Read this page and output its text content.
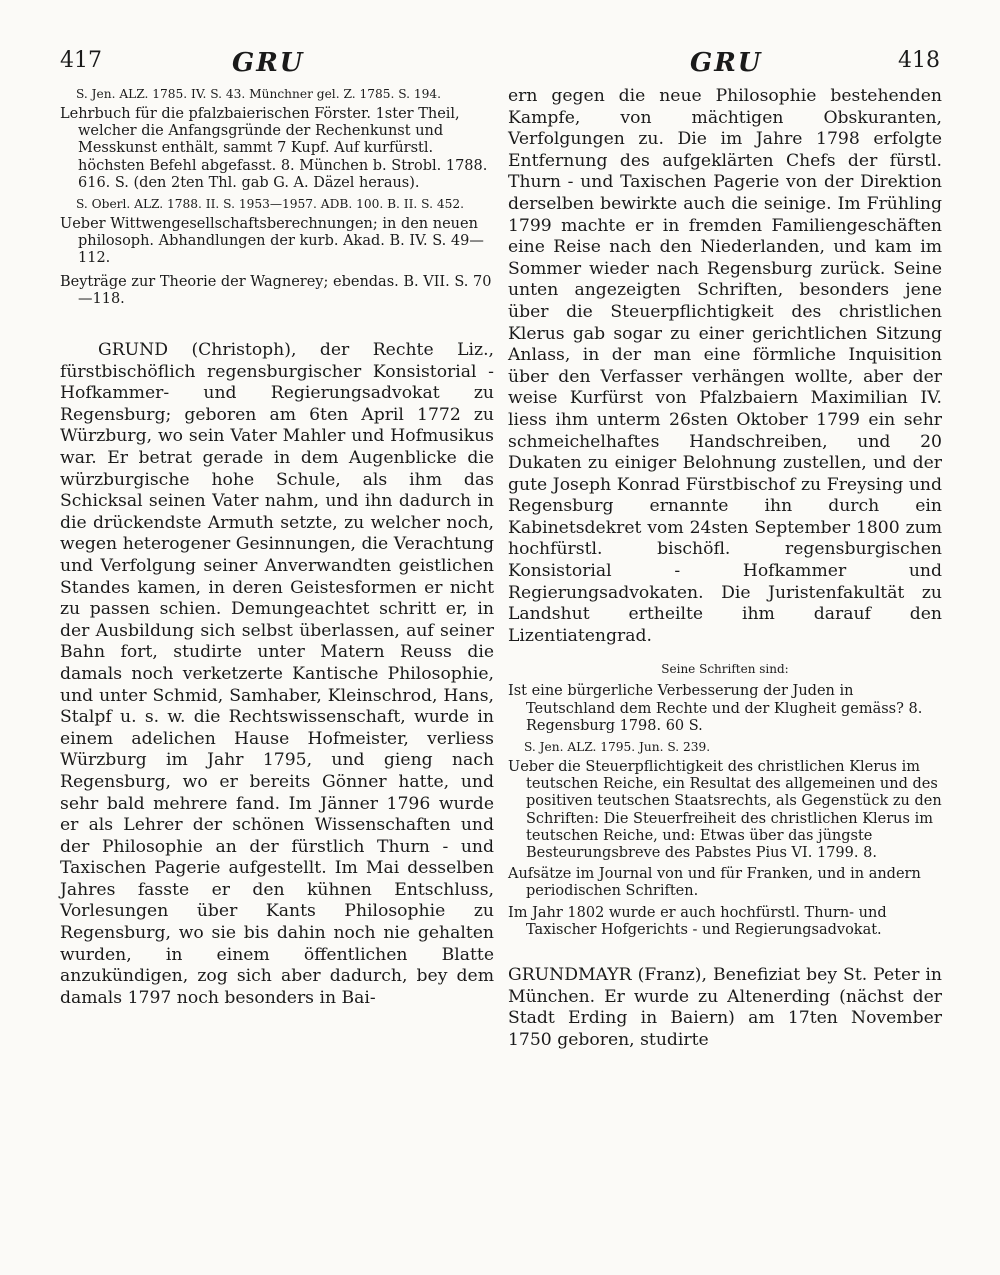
417	GRU	GRU	418

S. Jen. ALZ. 1785. IV. S. 43. Münchner gel. Z. 1785. S. 194.

Lehrbuch für die pfalzbaierischen Förster. 1ster Theil, welcher die Anfangsgründe der Rechenkunst und Messkunst enthält, sammt 7 Kupf. Auf kurfürstl. höchsten Befehl abgefasst. 8. München b. Strobl. 1788. 616. S. (den 2ten Thl. gab G. A. Däzel heraus).

S. Oberl. ALZ. 1788. II. S. 1953—1957. ADB. 100. B. II. S. 452.

Ueber Wittwengesellschaftsberechnungen; in den neuen philosoph. Abhandlungen der kurb. Akad. B. IV. S. 49—112.

Beyträge zur Theorie der Wagnerey; ebendas. B. VII. S. 70—118.

GRUND (Christoph), der Rechte Liz., fürstbischöflich regensburgischer Konsistorial - Hofkammer- und Regierungsadvokat zu Regensburg; geboren am 6ten April 1772 zu Würzburg, wo sein Vater Mahler und Hofmusikus war. Er betrat gerade in dem Augenblicke die würzburgische hohe Schule, als ihm das Schicksal seinen Vater nahm, und ihn dadurch in die drückendste Armuth setzte, zu welcher noch, wegen heterogener Gesinnungen, die Verachtung und Verfolgung seiner Anverwandten geistlichen Standes kamen, in deren Geistesformen er nicht zu passen schien. Demungeachtet schritt er, in der Ausbildung sich selbst überlassen, auf seiner Bahn fort, studirte unter Matern Reuss die damals noch verketzerte Kantische Philosophie, und unter Schmid, Samhaber, Kleinschrod, Hans, Stalpf u. s. w. die Rechtswissenschaft, wurde in einem adelichen Hause Hofmeister, verliess Würzburg im Jahr 1795, und gieng nach Regensburg, wo er bereits Gönner hatte, und sehr bald mehrere fand. Im Jänner 1796 wurde er als Lehrer der schönen Wissenschaften und der Philosophie an der fürstlich Thurn - und Taxischen Pagerie aufgestellt. Im Mai desselben Jahres fasste er den kühnen Entschluss, Vorlesungen über Kants Philosophie zu Regensburg, wo sie bis dahin noch nie gehalten wurden, in einem öffentlichen Blatte anzukündigen, zog sich aber dadurch, bey dem damals 1797 noch besonders in Bai-

ern gegen die neue Philosophie bestehenden Kampfe, von mächtigen Obskuranten, Verfolgungen zu. Die im Jahre 1798 erfolgte Entfernung des aufgeklärten Chefs der fürstl. Thurn - und Taxischen Pagerie von der Direktion derselben bewirkte auch die seinige. Im Frühling 1799 machte er in fremden Familiengeschäften eine Reise nach den Niederlanden, und kam im Sommer wieder nach Regensburg zurück. Seine unten angezeigten Schriften, besonders jene über die Steuerpflichtigkeit des christlichen Klerus gab sogar zu einer gerichtlichen Sitzung Anlass, in der man eine förmliche Inquisition über den Verfasser verhängen wollte, aber der weise Kurfürst von Pfalzbaiern Maximilian IV. liess ihm unterm 26sten Oktober 1799 ein sehr schmeichelhaftes Handschreiben, und 20 Dukaten zu einiger Belohnung zustellen, und der gute Joseph Konrad Fürstbischof zu Freysing und Regensburg ernannte ihn durch ein Kabinetsdekret vom 24sten September 1800 zum hochfürstl. bischöfl. regensburgischen Konsistorial - Hofkammer und Regierungsadvokaten. Die Juristenfakultät zu Landshut ertheilte ihm darauf den Lizentiatengrad.

Seine Schriften sind:

Ist eine bürgerliche Verbesserung der Juden in Teutschland dem Rechte und der Klugheit gemäss? 8. Regensburg 1798. 60 S.

S. Jen. ALZ. 1795. Jun. S. 239.

Ueber die Steuerpflichtigkeit des christlichen Klerus im teutschen Reiche, ein Resultat des allgemeinen und des positiven teutschen Staatsrechts, als Gegenstück zu den Schriften: Die Steuerfreiheit des christlichen Klerus im teutschen Reiche, und: Etwas über das jüngste Besteurungsbreve des Pabstes Pius VI. 1799. 8.

Aufsätze im Journal von und für Franken, und in andern periodischen Schriften.

Im Jahr 1802 wurde er auch hochfürstl. Thurn- und Taxischer Hofgerichts - und Regierungsadvokat.

GRUNDMAYR (Franz), Benefiziat bey St. Peter in München. Er wurde zu Altenerding (nächst der Stadt Erding in Baiern) am 17ten November 1750 geboren, studirte
